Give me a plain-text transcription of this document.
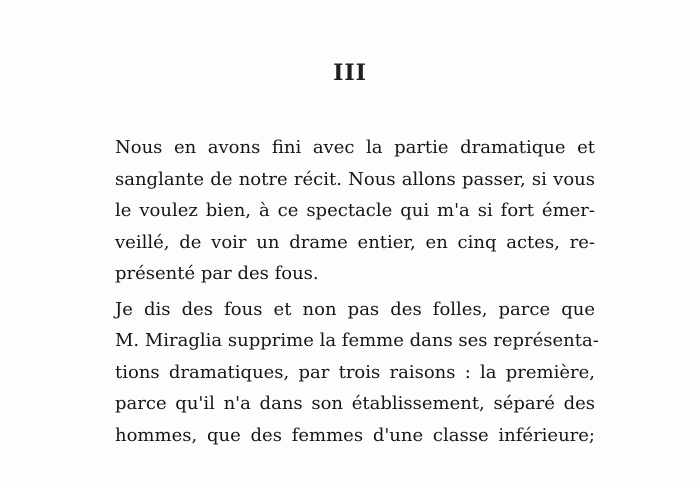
III
Nous en avons fini avec la partie dramatique et
sanglante de notre récit. Nous allons passer, si vous
le voulez bien, à ce spectacle qui m'a si fort émer-
veillé, de voir un drame entier, en cinq actes, re-
présenté par des fous.
Je dis des fous et non pas des folles, parce que
M. Miraglia supprime la femme dans ses représenta-
tions dramatiques, par trois raisons : la première,
parce qu'il n'a dans son établissement, séparé des
hommes, que des femmes d'une classe inférieure;
